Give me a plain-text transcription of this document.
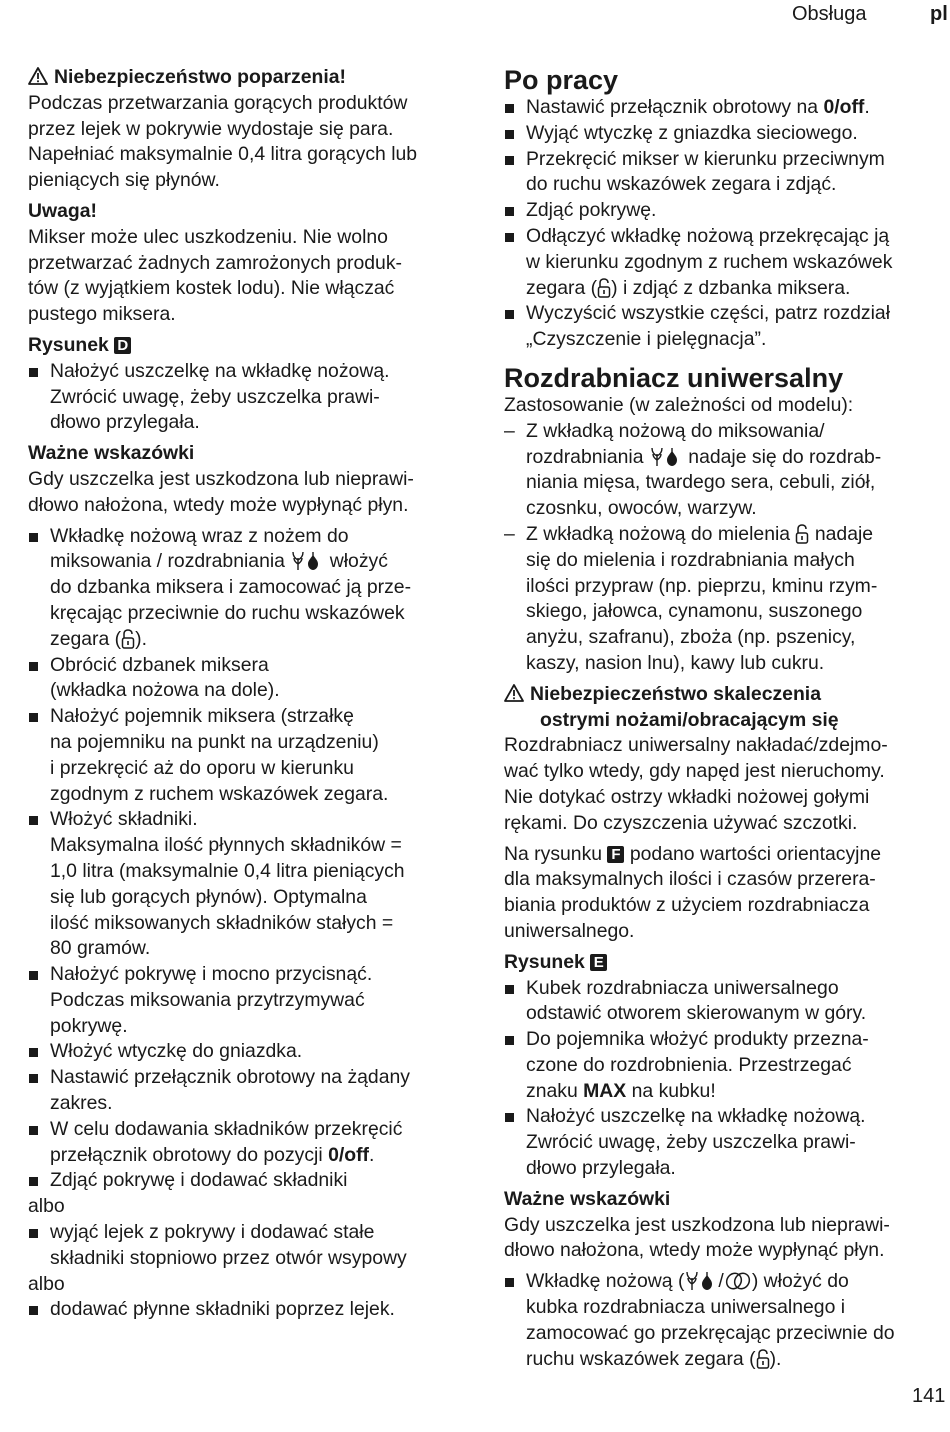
Obsługa	pl

Niebezpieczeństwo poparzenia!

Podczas przetwarzania gorących produktów
przez lejek w pokrywie wydostaje się para.
Napełniać maksymalnie 0,4 litra gorących lub
pieniących się płynów.

Uwaga!

Mikser może ulec uszkodzeniu. Nie wolno
przetwarzać żadnych zamrożonych produk-
tów (z wyjątkiem kostek lodu). Nie włączać
pustego miksera.

Rysunek D

Nałożyć uszczelkę na wkładkę nożową.
Zwrócić uwagę, żeby uszczelka prawi-
dłowo przylegała.

Ważne wskazówki

Gdy uszczelka jest uszkodzona lub nieprawi-
dłowo nałożona, wtedy może wypłynąć płyn.

Wkładkę nożową wraz z nożem do
miksowania / rozdrabniania włożyć
do dzbanka miksera i zamocować ją prze-
kręcając przeciwnie do ruchu wskazówek
zegara ( ).

Obrócić dzbanek miksera
(wkładka nożowa na dole).

Nałożyć pojemnik miksera (strzałkę
na pojemniku na punkt na urządzeniu)
i przekręcić aż do oporu w kierunku
zgodnym z ruchem wskazówek zegara.

Włożyć składniki.
Maksymalna ilość płynnych składników =
1,0 litra (maksymalnie 0,4 litra pieniących
się lub gorących płynów). Optymalna
ilość miksowanych składników stałych =
80 gramów.

Nałożyć pokrywę i mocno przycisnąć.
Podczas miksowania przytrzymywać
pokrywę.

Włożyć wtyczkę do gniazdka.

Nastawić przełącznik obrotowy na żądany
zakres.

W celu dodawania składników przekręcić
przełącznik obrotowy do pozycji 0/off.

Zdjąć pokrywę i dodawać składniki

albo

wyjąć lejek z pokrywy i dodawać stałe
składniki stopniowo przez otwór wsypowy

albo

dodawać płynne składniki poprzez lejek.

Po pracy

Nastawić przełącznik obrotowy na 0/off.

Wyjąć wtyczkę z gniazdka sieciowego.

Przekręcić mikser w kierunku przeciwnym
do ruchu wskazówek zegara i zdjąć.

Zdjąć pokrywę.

Odłączyć wkładkę nożową przekręcając ją
w kierunku zgodnym z ruchem wskazówek
zegara ( ) i zdjąć z dzbanka miksera.

Wyczyścić wszystkie części, patrz rozdział
„Czyszczenie i pielęgnacja”.

Rozdrabniacz uniwersalny

Zastosowanie (w zależności od modelu):

– Z wkładką nożową do miksowania/
rozdrabniania nadaje się do rozdrab-
niania mięsa, twardego sera, cebuli, ziół,
czosnku, owoców, warzyw.

– Z wkładką nożową do mielenia nadaje
się do mielenia i rozdrabniania małych
ilości przypraw (np. pieprzu, kminu rzym-
skiego, jałowca, cynamonu, suszonego
anyżu, szafranu), zboża (np. pszenicy,
kaszy, nasion lnu), kawy lub cukru.

Niebezpieczeństwo skaleczenia
ostrymi nożami/obracającym się

Rozdrabniacz uniwersalny nakładać/zdejmo-
wać tylko wtedy, gdy napęd jest nieruchomy.
Nie dotykać ostrzy wkładki nożowej gołymi
rękami. Do czyszczenia używać szczotki.

Na rysunku F podano wartości orientacyjne
dla maksymalnych ilości i czasów przerera-
biania produktów z użyciem rozdrabniacza
uniwersalnego.

Rysunek E

Kubek rozdrabniacza uniwersalnego
odstawić otworem skierowanym w góry.

Do pojemnika włożyć produkty przezna-
czone do rozdrobnienia. Przestrzegać
znaku MAX na kubku!

Nałożyć uszczelkę na wkładkę nożową.
Zwrócić uwagę, żeby uszczelka prawi-
dłowo przylegała.

Ważne wskazówki

Gdy uszczelka jest uszkodzona lub nieprawi-
dłowo nałożona, wtedy może wypłynąć płyn.

Wkładkę nożową ( / ) włożyć do
kubka rozdrabniacza uniwersalnego i
zamocować go przekręcając przeciwnie do
ruchu wskazówek zegara ( ).

141
